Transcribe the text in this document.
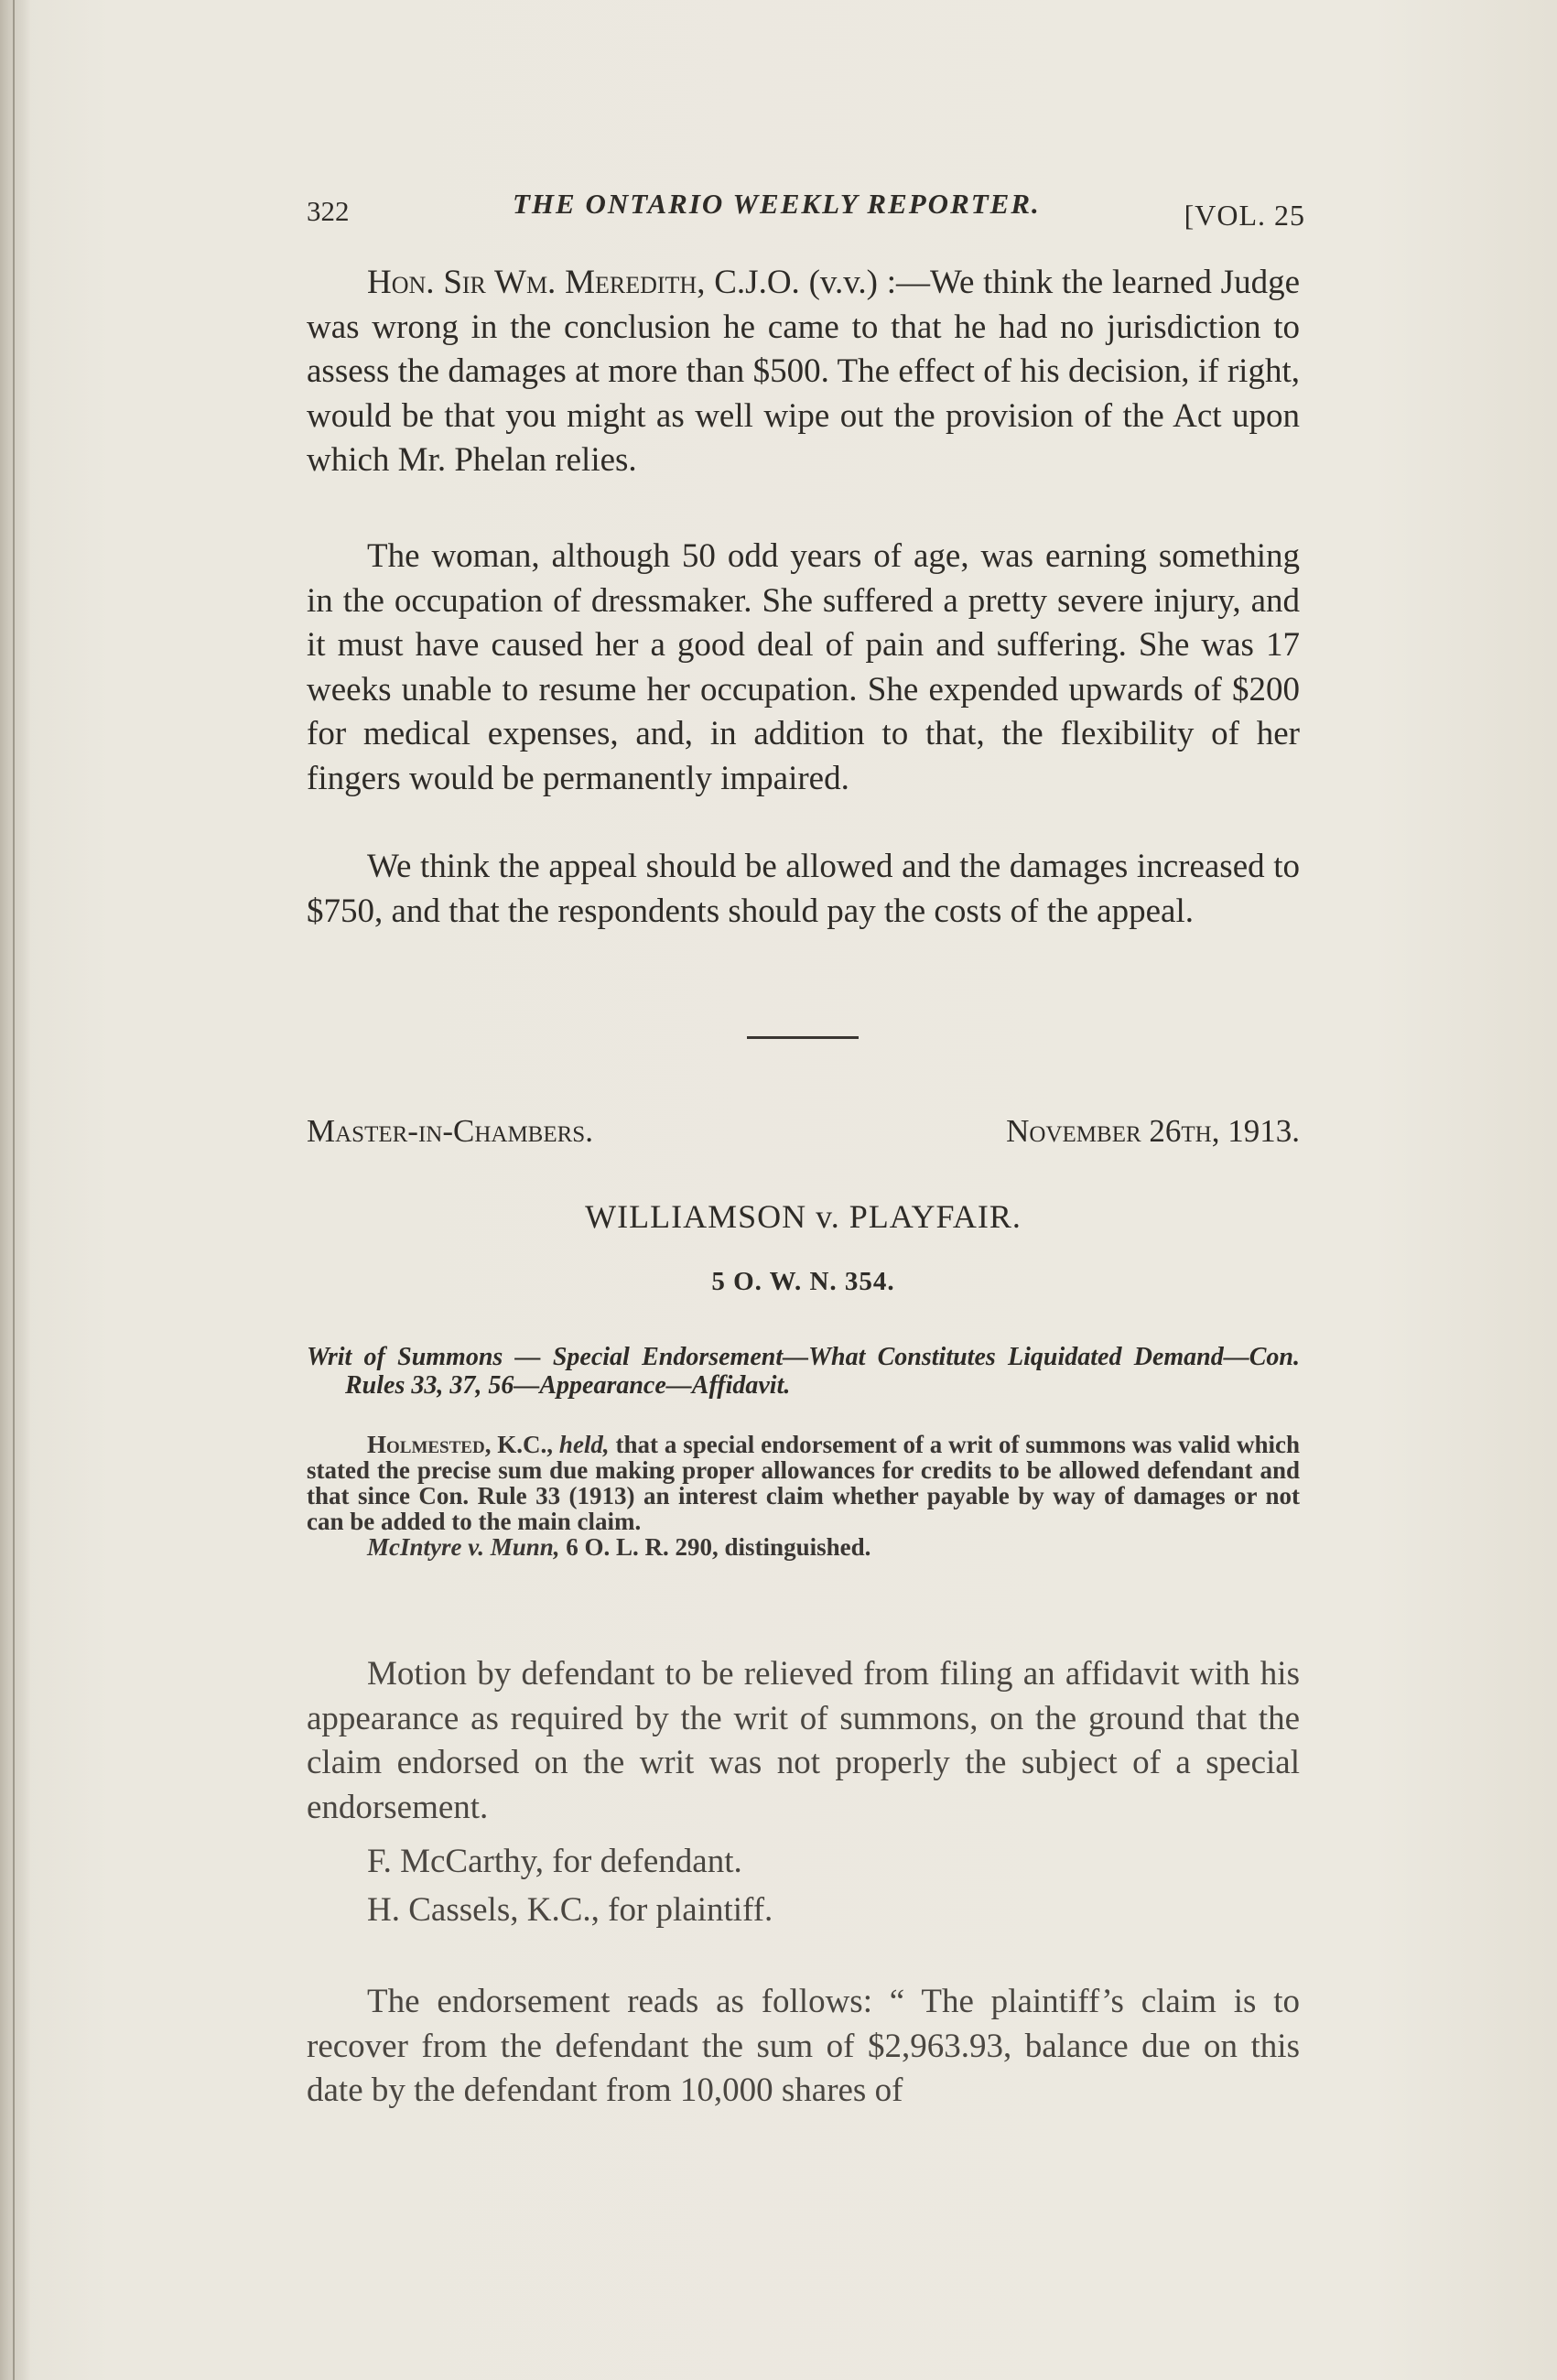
322	THE ONTARIO WEEKLY REPORTER.	[VOL. 25

Hon. Sir Wm. Meredith, C.J.O. (v.v.) :—We think the learned Judge was wrong in the conclusion he came to that he had no jurisdiction to assess the damages at more than $500. The effect of his decision, if right, would be that you might as well wipe out the provision of the Act upon which Mr. Phelan relies.

The woman, although 50 odd years of age, was earning something in the occupation of dressmaker. She suffered a pretty severe injury, and it must have caused her a good deal of pain and suffering. She was 17 weeks unable to resume her occupation. She expended upwards of $200 for medical expenses, and, in addition to that, the flexibility of her fingers would be permanently impaired.

We think the appeal should be allowed and the damages increased to $750, and that the respondents should pay the costs of the appeal.

Master-in-Chambers.	November 26th, 1913.
WILLIAMSON v. PLAYFAIR.
5 O. W. N. 354.
Writ of Summons — Special Endorsement—What Constitutes Liquidated Demand—Con. Rules 33, 37, 56—Appearance—Affidavit.

Holmested, K.C., held, that a special endorsement of a writ of summons was valid which stated the precise sum due making proper allowances for credits to be allowed defendant and that since Con. Rule 33 (1913) an interest claim whether payable by way of damages or not can be added to the main claim.

McIntyre v. Munn, 6 O. L. R. 290, distinguished.

Motion by defendant to be relieved from filing an affidavit with his appearance as required by the writ of summons, on the ground that the claim endorsed on the writ was not properly the subject of a special endorsement.

F. McCarthy, for defendant.
H. Cassels, K.C., for plaintiff.

The endorsement reads as follows: “ The plaintiff’s claim is to recover from the defendant the sum of $2,963.93, balance due on this date by the defendant from 10,000 shares of
